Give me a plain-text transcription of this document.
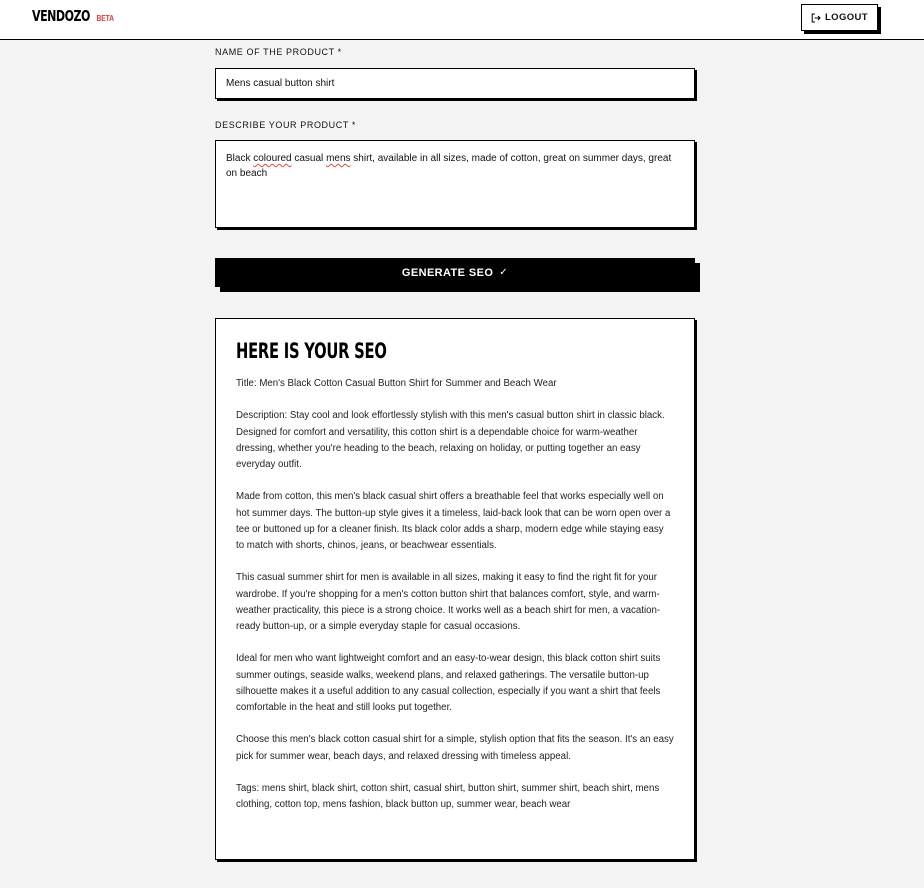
VENDOZO BETA	LOGOUT
NAME OF THE PRODUCT *
Mens casual button shirt
DESCRIBE YOUR PRODUCT *
Black coloured casual mens shirt, available in all sizes, made of cotton, great on summer days, great on beach
GENERATE SEO ✓
HERE IS YOUR SEO

Title: Men's Black Cotton Casual Button Shirt for Summer and Beach Wear

Description: Stay cool and look effortlessly stylish with this men's casual button shirt in classic black. Designed for comfort and versatility, this cotton shirt is a dependable choice for warm-weather dressing, whether you're heading to the beach, relaxing on holiday, or putting together an easy everyday outfit.

Made from cotton, this men's black casual shirt offers a breathable feel that works especially well on hot summer days. The button-up style gives it a timeless, laid-back look that can be worn open over a tee or buttoned up for a cleaner finish. Its black color adds a sharp, modern edge while staying easy to match with shorts, chinos, jeans, or beachwear essentials.

This casual summer shirt for men is available in all sizes, making it easy to find the right fit for your wardrobe. If you're shopping for a men's cotton button shirt that balances comfort, style, and warm-weather practicality, this piece is a strong choice. It works well as a beach shirt for men, a vacation-ready button-up, or a simple everyday staple for casual occasions.

Ideal for men who want lightweight comfort and an easy-to-wear design, this black cotton shirt suits summer outings, seaside walks, weekend plans, and relaxed gatherings. The versatile button-up silhouette makes it a useful addition to any casual collection, especially if you want a shirt that feels comfortable in the heat and still looks put together.

Choose this men's black cotton casual shirt for a simple, stylish option that fits the season. It's an easy pick for summer wear, beach days, and relaxed dressing with timeless appeal.

Tags: mens shirt, black shirt, cotton shirt, casual shirt, button shirt, summer shirt, beach shirt, mens clothing, cotton top, mens fashion, black button up, summer wear, beach wear
